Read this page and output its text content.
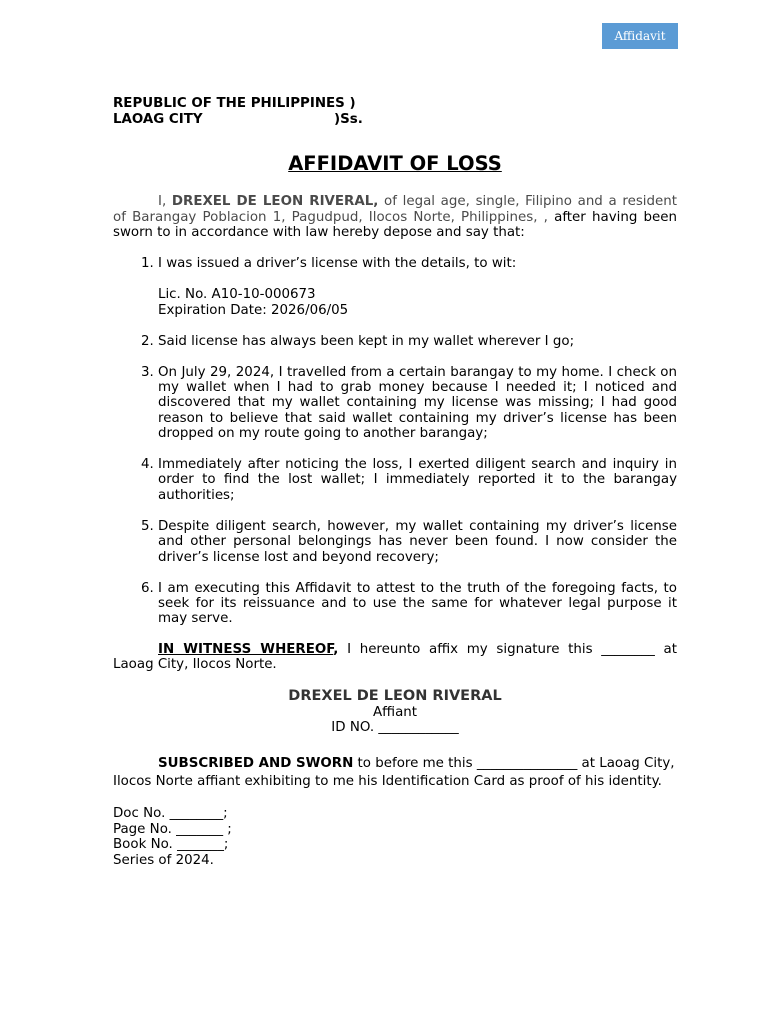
Affidavit
REPUBLIC OF THE PHILIPPINES )
LAOAG CITY	)Ss.
AFFIDAVIT OF LOSS
I, DREXEL DE LEON RIVERAL, of legal age, single, Filipino and a resident of Barangay Poblacion 1, Pagudpud, Ilocos Norte, Philippines, , after having been sworn to in accordance with law hereby depose and say that:
1. I was issued a driver’s license with the details, to wit:
Lic. No. A10-10-000673
Expiration Date: 2026/06/05
2. Said license has always been kept in my wallet wherever I go;
3. On July 29, 2024, I travelled from a certain barangay to my home. I check on my wallet when I had to grab money because I needed it; I noticed and discovered that my wallet containing my license was missing; I had good reason to believe that said wallet containing my driver’s license has been dropped on my route going to another barangay;
4. Immediately after noticing the loss, I exerted diligent search and inquiry in order to find the lost wallet; I immediately reported it to the barangay authorities;
5. Despite diligent search, however, my wallet containing my driver’s license and other personal belongings has never been found. I now consider the driver’s license lost and beyond recovery;
6. I am executing this Affidavit to attest to the truth of the foregoing facts, to seek for its reissuance and to use the same for whatever legal purpose it may serve.
IN WITNESS WHEREOF, I hereunto affix my signature this ________ at Laoag City, Ilocos Norte.
DREXEL DE LEON RIVERAL
Affiant
ID NO. ____________
SUBSCRIBED AND SWORN to before me this _______________ at Laoag City, Ilocos Norte affiant exhibiting to me his Identification Card as proof of his identity.
Doc No. ________;
Page No. _______ ;
Book No. _______;
Series of 2024.
